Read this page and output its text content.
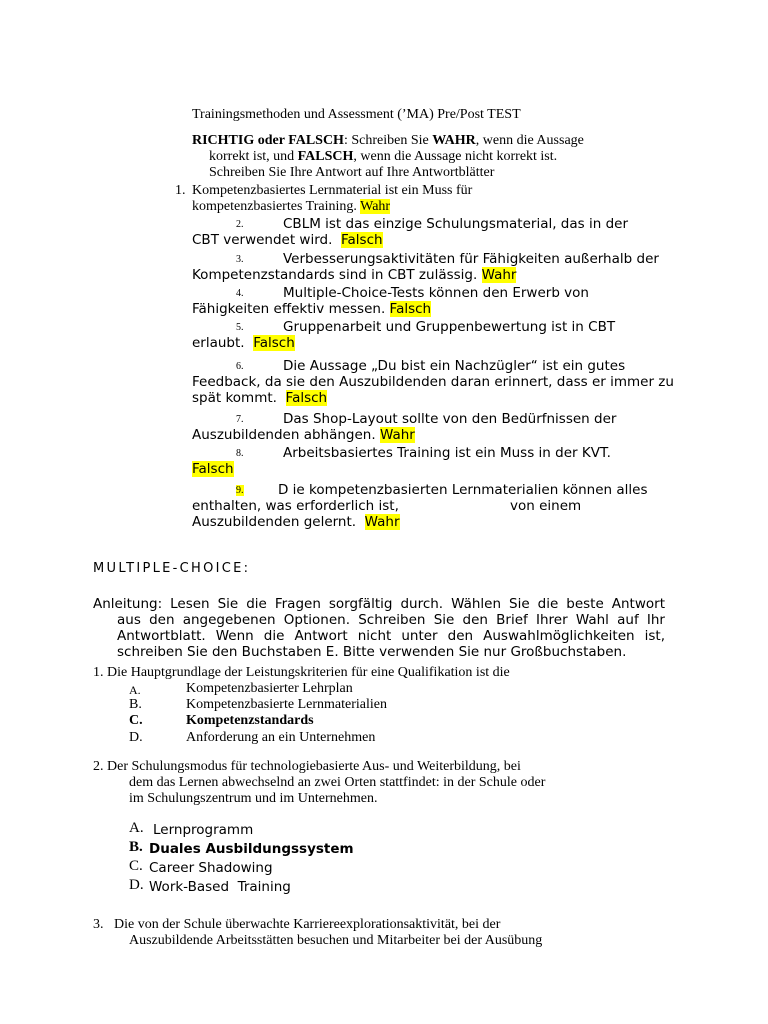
Trainingsmethoden und Assessment (’MA) Pre/Post TEST
RICHTIG oder FALSCH: Schreiben Sie WAHR, wenn die Aussage
korrekt ist, und FALSCH, wenn die Aussage nicht korrekt ist.
Schreiben Sie Ihre Antwort auf Ihre Antwortblätter
1. Kompetenzbasiertes Lernmaterial ist ein Muss für
kompetenzbasiertes Training. Wahr
2.	CBLM ist das einzige Schulungsmaterial, das in der
CBT verwendet wird. Falsch
3.	Verbesserungsaktivitäten für Fähigkeiten außerhalb der
Kompetenzstandards sind in CBT zulässig. Wahr
4.	Multiple-Choice-Tests können den Erwerb von
Fähigkeiten effektiv messen. Falsch
5.	Gruppenarbeit und Gruppenbewertung ist in CBT
erlaubt. Falsch
6.	Die Aussage „Du bist ein Nachzügler“ ist ein gutes
Feedback, da sie den Auszubildenden daran erinnert, dass er immer zu
spät kommt. Falsch
7.	Das Shop-Layout sollte von den Bedürfnissen der
Auszubildenden abhängen. Wahr
8.	Arbeitsbasiertes Training ist ein Muss in der KVT.
Falsch
9.	D ie kompetenzbasierten Lernmaterialien können alles
enthalten, was erforderlich ist,	von einem
Auszubildenden gelernt. Wahr
MULTIPLE-CHOICE:
Anleitung: Lesen Sie die Fragen sorgfältig durch. Wählen Sie die beste Antwort
aus den angegebenen Optionen. Schreiben Sie den Brief Ihrer Wahl auf Ihr
Antwortblatt. Wenn die Antwort nicht unter den Auswahlmöglichkeiten ist,
schreiben Sie den Buchstaben E. Bitte verwenden Sie nur Großbuchstaben.
1. Die Hauptgrundlage der Leistungskriterien für eine Qualifikation ist die
A.	Kompetenzbasierter Lehrplan
B.	Kompetenzbasierte Lernmaterialien
C.	Kompetenzstandards
D.	Anforderung an ein Unternehmen
2. Der Schulungsmodus für technologiebasierte Aus- und Weiterbildung, bei
dem das Lernen abwechselnd an zwei Orten stattfindet: in der Schule oder
im Schulungszentrum und im Unternehmen.
A. Lernprogramm
B. Duales Ausbildungssystem
C. Career Shadowing
D. Work-Based  Training
3.   Die von der Schule überwachte Karriereexplorationsaktivität, bei der
Auszubildende Arbeitsstätten besuchen und Mitarbeiter bei der Ausübung
